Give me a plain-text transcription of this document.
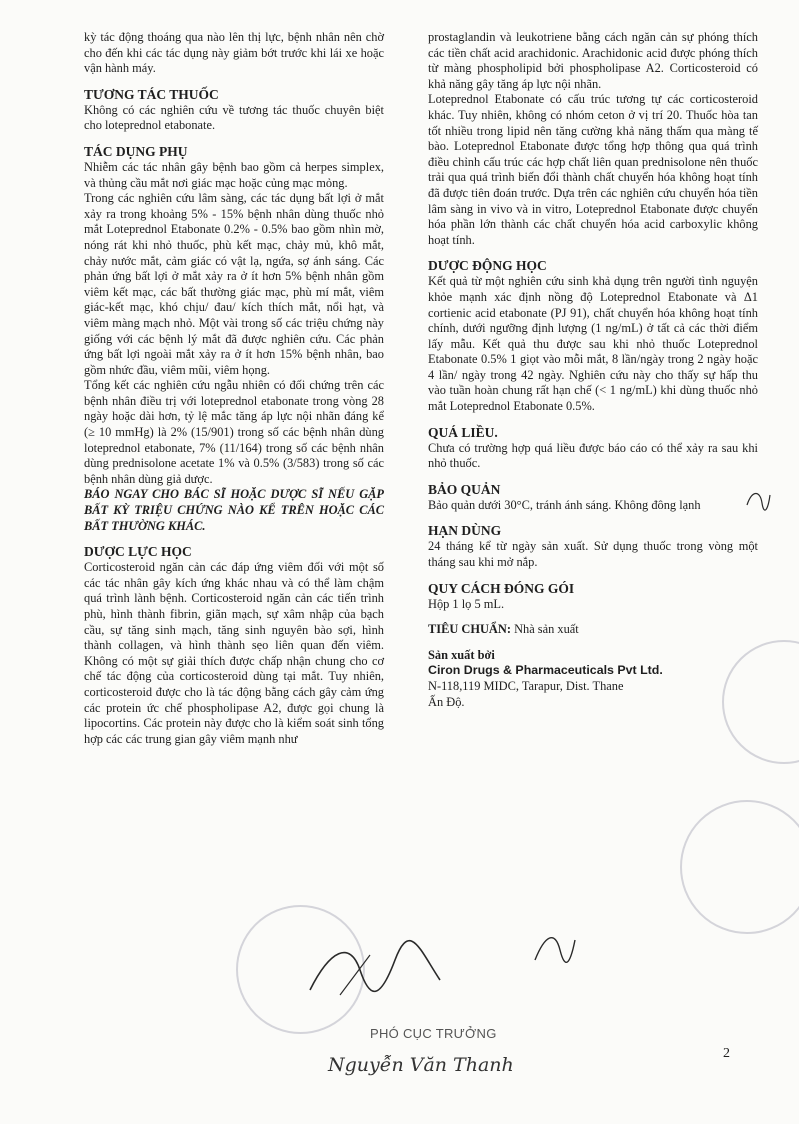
kỳ tác động thoáng qua nào lên thị lực, bệnh nhân nên chờ cho đến khi các tác dụng này giảm bớt trước khi lái xe hoặc vận hành máy.

TƯƠNG TÁC THUỐC

Không có các nghiên cứu về tương tác thuốc chuyên biệt cho loteprednol etabonate.

TÁC DỤNG PHỤ

Nhiễm các tác nhân gây bệnh bao gồm cả herpes simplex, và thủng cầu mắt nơi giác mạc hoặc củng mạc mỏng.

Trong các nghiên cứu lâm sàng, các tác dụng bất lợi ở mắt xảy ra trong khoảng 5% - 15% bệnh nhân dùng thuốc nhỏ mắt Loteprednol Etabonate 0.2% - 0.5% bao gồm nhìn mờ, nóng rát khi nhỏ thuốc, phù kết mạc, chảy mủ, khô mắt, chảy nước mắt, cảm giác có vật lạ, ngứa, sợ ánh sáng. Các phản ứng bất lợi ở mắt xảy ra ở ít hơn 5% bệnh nhân gồm viêm kết mạc, các bất thường giác mạc, phù mí mắt, viêm giác-kết mạc, khó chịu/ đau/ kích thích mắt, nổi hạt, và viêm màng mạch nhỏ. Một vài trong số các triệu chứng này giống với các bệnh lý mắt đã được nghiên cứu. Các phản ứng bất lợi ngoài mắt xảy ra ở ít hơn 15% bệnh nhân, bao gồm nhức đầu, viêm mũi, viêm họng.

Tổng kết các nghiên cứu ngẫu nhiên có đối chứng trên các bệnh nhân điều trị với loteprednol etabonate trong vòng 28 ngày hoặc dài hơn, tỷ lệ mắc tăng áp lực nội nhãn đáng kể (≥ 10 mmHg) là 2% (15/901) trong số các bệnh nhân dùng loteprednol etabonate, 7% (11/164) trong số các bệnh nhân dùng prednisolone acetate 1% và 0.5% (3/583) trong số các bệnh nhân dùng giả dược.

BÁO NGAY CHO BÁC SĨ HOẶC DƯỢC SĨ NẾU GẶP BẤT KỲ TRIỆU CHỨNG NÀO KỂ TRÊN HOẶC CÁC BẤT THƯỜNG KHÁC.

DƯỢC LỰC HỌC

Corticosteroid ngăn cản các đáp ứng viêm đối với một số các tác nhân gây kích ứng khác nhau và có thể làm chậm quá trình lành bệnh. Corticosteroid ngăn cản các tiến trình phù, hình thành fibrin, giãn mạch, sự xâm nhập của bạch cầu, sự tăng sinh mạch, tăng sinh nguyên bào sợi, hình thành collagen, và hình thành sẹo liên quan đến viêm. Không có một sự giải thích được chấp nhận chung cho cơ chế tác động của corticosteroid dùng tại mắt. Tuy nhiên, corticosteroid được cho là tác động bằng cách gây cảm ứng các protein ức chế phospholipase A2, được gọi chung là lipocortins. Các protein này được cho là kiểm soát sinh tổng hợp các các trung gian gây viêm mạnh như

prostaglandin và leukotriene bằng cách ngăn cản sự phóng thích các tiền chất acid arachidonic. Arachidonic acid được phóng thích từ màng phospholipid bởi phospholipase A2. Corticosteroid có khả năng gây tăng áp lực nội nhãn.

Loteprednol Etabonate có cấu trúc tương tự các corticosteroid khác. Tuy nhiên, không có nhóm ceton ở vị trí 20. Thuốc hòa tan tốt nhiều trong lipid nên tăng cường khả năng thấm qua màng tế bào. Loteprednol Etabonate được tổng hợp thông qua quá trình điều chỉnh cấu trúc các hợp chất liên quan prednisolone nên thuốc trải qua quá trình biến đổi thành chất chuyển hóa không hoạt tính đã được tiên đoán trước. Dựa trên các nghiên cứu chuyển hóa tiền lâm sàng in vivo và in vitro, Loteprednol Etabonate được chuyển hóa phần lớn thành các chất chuyển hóa acid carboxylic không hoạt tính.

DƯỢC ĐỘNG HỌC

Kết quả từ một nghiên cứu sinh khả dụng trên người tình nguyện khỏe mạnh xác định nồng độ Loteprednol Etabonate và Δ1 cortienic acid etabonate (PJ 91), chất chuyển hóa không hoạt tính chính, dưới ngưỡng định lượng (1 ng/mL) ở tất cả các thời điểm lấy mẫu. Kết quả thu được sau khi nhỏ thuốc Loteprednol Etabonate 0.5% 1 giọt vào mỗi mắt, 8 lần/ngày trong 2 ngày hoặc 4 lần/ ngày trong 42 ngày. Nghiên cứu này cho thấy sự hấp thu vào tuần hoàn chung rất hạn chế (< 1 ng/mL) khi dùng thuốc nhỏ mắt Loteprednol Etabonate 0.5%.

QUÁ LIỀU.

Chưa có trường hợp quá liều được báo cáo có thể xảy ra sau khi nhỏ thuốc.

BẢO QUẢN

Bảo quản dưới 30°C, tránh ánh sáng. Không đông lạnh

HẠN DÙNG

24 tháng kể từ ngày sản xuất. Sử dụng thuốc trong vòng một tháng sau khi mở nắp.

QUY CÁCH ĐÓNG GÓI

Hộp 1 lọ 5 mL.

TIÊU CHUẨN: Nhà sản xuất

Sản xuất bởi

Ciron Drugs & Pharmaceuticals Pvt Ltd.

N-118,119 MIDC, Tarapur, Dist. Thane

Ấn Độ.

PHÓ CỤC TRƯỞNG
Nguyễn Văn Thanh
2
